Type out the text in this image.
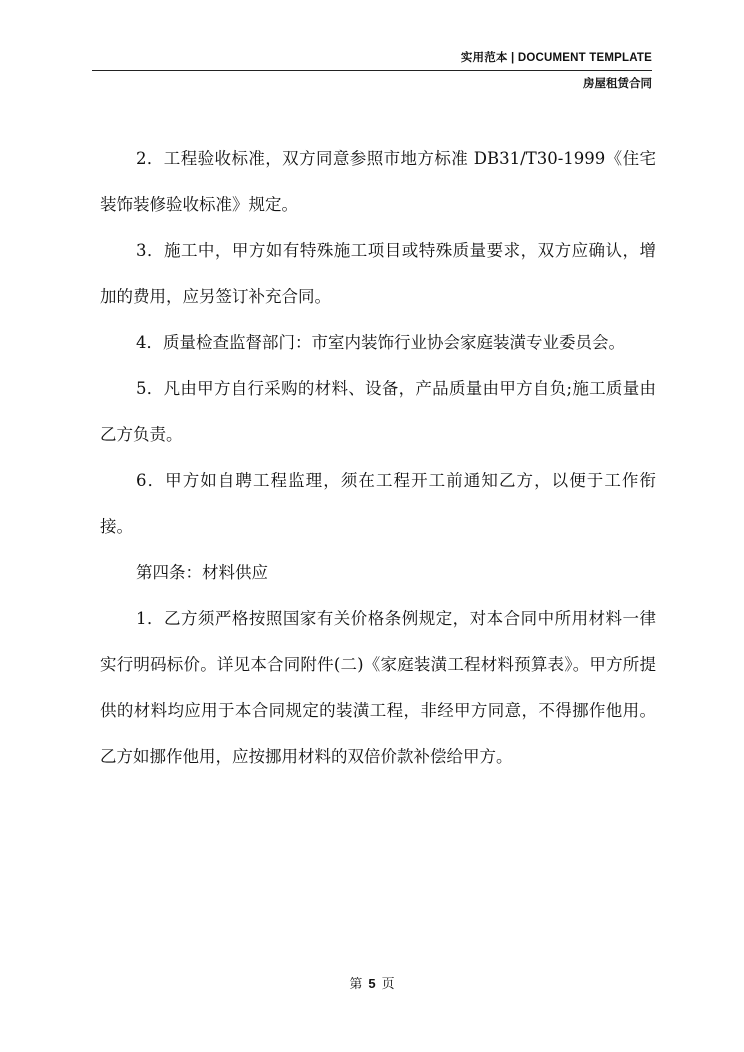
实用范本 | DOCUMENT TEMPLATE
房屋租赁合同

2．工程验收标准，双方同意参照市地方标准 DB31/T30-1999《住宅装饰装修验收标准》规定。

3．施工中，甲方如有特殊施工项目或特殊质量要求，双方应确认，增加的费用，应另签订补充合同。

4．质量检查监督部门：市室内装饰行业协会家庭装潢专业委员会。

5．凡由甲方自行采购的材料、设备，产品质量由甲方自负;施工质量由乙方负责。

6．甲方如自聘工程监理，须在工程开工前通知乙方，以便于工作衔接。

第四条：材料供应

1．乙方须严格按照国家有关价格条例规定，对本合同中所用材料一律实行明码标价。详见本合同附件(二)《家庭装潢工程材料预算表》。甲方所提供的材料均应用于本合同规定的装潢工程，非经甲方同意，不得挪作他用。乙方如挪作他用，应按挪用材料的双倍价款补偿给甲方。

第 5 页
